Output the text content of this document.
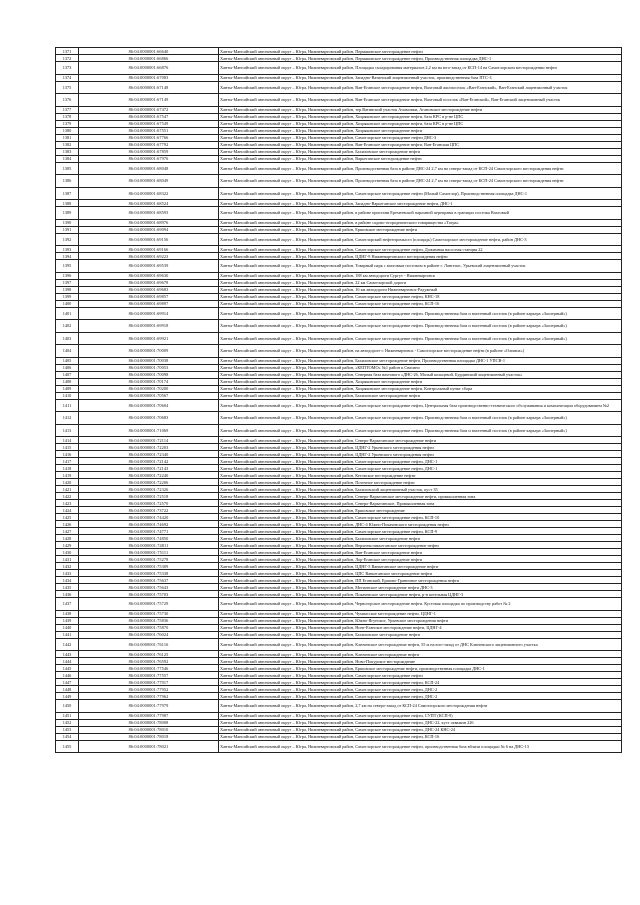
1371	86:04:0000001:66640	Ханты-Мансийский автономный округ – Югра, Нижневартовский район, Пермяковское месторождение нефти
1372	86:04:0000001:66866	Ханты-Мансийский автономный округ – Югра, Нижневартовский район, Пермяковское месторождение нефти, Производственная площадка ДНС-1
1373	86:04:0000001:66876	Ханты-Мансийский автономный округ – Югра, Нижневартовский район, Площадка складирования материалов 2,2 км на юго-запад от КСП-14 на Самотлорском месторождении нефти
1374	86:04:0000001:67083	Ханты-Мансийский автономный округ – Югра, Нижневартовский район, Западно-Ватинский лицензионный участок, производственная база ПТС-3
1375	86:04:0000001:67148	Ханты-Мансийский автономный округ – Югра, Нижневартовский район, Ван-Еганское месторождение нефти, Вахтовый жилпоселок «Ван-Еганский», Ван-Еганский лицензионный участок
1376	86:04:0000001:67149	Ханты-Мансийский автономный округ – Югра, Нижневартовский район, Ван-Еганское месторождение нефти, Вахтовый поселок «Ван-Еганский», Ван-Еганский лицензионный участок
1377	86:04:0000001:67472	Ханты-Мансийский автономный округ – Югра, Нижневартовский район, тер.Ватинский участок Ачимовки, Агановское месторождение нефти
1378	86:04:0000001:67547	Ханты-Мансийский автономный округ – Югра, Нижневартовский район, Хохряковское месторождение нефти, база КРС в р-не ЦПС
1379	86:04:0000001:67549	Ханты-Мансийский автономный округ – Югра, Нижневартовский район, Хохряковское месторождение нефти, база КРС в р-не ЦПС
1380	86:04:0000001:67551	Ханты-Мансийский автономный округ – Югра, Нижневартовский район, Хохряковское месторождение нефти
1381	86:04:0000001:67766	Ханты-Мансийский автономный округ – Югра, Нижневартовский район, Самотлорское месторождение нефти ДНС-3
1382	86:04:0000001:67792	Ханты-Мансийский автономный округ – Югра, Нижневартовский район, Ван-Еганское месторождение нефти, Ван-Еганская ЦПС
1383	86:04:0000001:67859	Ханты-Мансийский автономный округ – Югра, Нижневартовский район, Бахиловское месторождение нефти
1384	86:04:0000001:67976	Ханты-Мансийский автономный округ – Югра, Нижневартовский район, Варьеганское месторождение нефти
1385	86:04:0000001:68048	Ханты-Мансийский автономный округ – Югра, Нижневартовский район, Производственная база в районе ДНС-24 2,7 км на северо-запад от КСП-24 Самотлорского месторождения нефти
1386	86:04:0000001:68049	Ханты-Мансийский автономный округ – Югра, Нижневартовский район, Производственная база в районе ДНС-24 2,7 км на северо-запад от КСП-24 Самотлорского месторождения нефти
1387	86:04:0000001:68322	Ханты-Мансийский автономный округ – Югра, Нижневартовский район, Самотлорское месторождение нефти (Малый Самотлор), Производственная площадка ДНС-1
1388	86:04:0000001:68524	Ханты-Мансийский автономный округ – Югра, Нижневартовский район, Западно-Варьеганское месторождение нефти, ДНС-1
1389	86:04:0000001:68593	Ханты-Мансийский автономный округ – Югра, Нижневартовский район, в районе пристани Еремеевской паромной переправы в границах поселка Вахтовый
1390	86:04:0000001:68976	Ханты-Мансийский автономный округ – Югра, Нижневартовский район, в районе садово-огороднического товарищества «Тагра»
1391	86:04:0000001:69094	Ханты-Мансийский автономный округ – Югра, Нижневартовский район, Ершовское месторождение нефти
1392	86:04:0000001:69156	Ханты-Мансийский автономный округ – Югра, Нижневартовский район, Самотлорский нефтепромысел (площадь) Самотлорское месторождение нефти, район ДНС-3
1393	86:04:0000001:69166	Ханты-Мансийский автономный округ – Югра, Нижневартовский район, Самотлорское месторождение нефти, Дожимная насосная станция 22
1394	86:04:0000001:69223	Ханты-Мансийский автономный округ – Югра, Нижневартовский район, ЦДНГ-9 Нижневартовского месторождения нефти
1395	86:04:0000001:69539	Ханты-Мансийский автономный округ – Югра, Нижневартовский район, Товарный парк с вахтовым поселком в районе г. Лангепас, Урьевский лицензионный участок
1396	86:04:0000001:69630	Ханты-Мансийский автономный округ – Югра, Нижневартовский район, 188 км автодороги Сургут - Нижневартовск
1397	86:04:0000001:69678	Ханты-Мансийский автономный округ – Югра, Нижневартовский район, 22 км Самотлорской дороги
1398	86:04:0000001:69683	Ханты-Мансийский автономный округ – Югра, Нижневартовский район, 16 км автодороги Нижневартовск-Радужный
1399	86:04:0000001:69857	Ханты-Мансийский автономный округ – Югра, Нижневартовский район, Самотлорское месторождение нефти, КНС-18
1400	86:04:0000001:69897	Ханты-Мансийский автономный округ – Югра, Нижневартовский район, Самотлорское месторождение нефти, КСП-16
1401	86:04:0000001:69914	Ханты-Мансийский автономный округ – Югра, Нижневартовский район, Самотлорское месторождение нефти. Производственная база и вахтенный поселок (в районе карьера «Заозерный»)
1402	86:04:0000001:69918	Ханты-Мансийский автономный округ – Югра, Нижневартовский район, Самотлорское месторождение нефти. Производственная база и вахтенный поселок (в районе карьера «Заозерный»)
1403	86:04:0000001:69921	Ханты-Мансийский автономный округ – Югра, Нижневартовский район, Самотлорское месторождение нефти. Производственная база и вахтенный поселок (в районе карьера «Заозерный»)
1404	86:04:0000001:70009	Ханты-Мансийский автономный округ – Югра, Нижневартовский район, на автодороге г. Нижневартовск - Самотлорское месторождение нефти (в районе «Олимпа»)
1405	86:04:0000001:70038	Ханты-Мансийский автономный округ – Югра, Нижневартовский район, Бахиловское месторождение нефти, Производственная площадка ДНС-1 УПСВ-1
1406	86:04:0000001:70053	Ханты-Мансийский автономный округ – Югра, Нижневартовский район, «КЕПТОМО» №1 район п.Свасино
1407	86:04:0000001:70098	Ханты-Мансийский автономный округ – Югра, Нижневартовский район, Северная база вахтового «ДНС-26, Малый кольцевой, Бурдинский лицензионный участок»
1408	86:04:0000001:70174	Ханты-Мансийский автономный округ – Югра, Нижневартовский район, Хохряковское месторождение нефти
1409	86:04:0000001:70200	Ханты-Мансийский автономный округ – Югра, Нижневартовский район, Хохряковское месторождение нефти, Контрольный пункт сбора
1410	86:04:0000001:70567	Ханты-Мансийский автономный округ – Югра, Нижневартовский район, Бахиловское месторождение нефти
1411	86:04:0000001:70604	Ханты-Мансийский автономный округ – Югра, Нижневартовский район, Самотлорское месторождение нефти, Центральная база производственно-технического обслуживания и комплектации оборудованием №2
1412	86:04:0000001:70683	Ханты-Мансийский автономный округ – Югра, Нижневартовский район, Самотлорское месторождение нефти. Производственная база и вахтенный поселок (в районе карьера «Заозерный»)
1413	86:04:0000001:71069	Ханты-Мансийский автономный округ – Югра, Нижневартовский район, Самотлорское месторождение нефти. Производственная база и вахтенный поселок (в районе карьера «Заозерный»)
1414	86:04:0000001:72114	Ханты-Мансийский автономный округ – Югра, Нижневартовский район, Северо-Варьеганское месторождение нефти
1415	86:04:0000001:72203	Ханты-Мансийский автономный округ – Югра, Нижневартовский район, ЦДНГ-2 Урьевского месторождения нефти
1416	86:04:0000001:72340	Ханты-Мансийский автономный округ – Югра, Нижневартовский район, ЦДНГ-2 Урьевского месторождения нефти
1417	86:04:0000001:72142	Ханты-Мансийский автономный округ – Югра, Нижневартовский район, Самотлорское месторождение нефти, ДНС-1
1418	86:04:0000001:72143	Ханты-Мансийский автономный округ – Югра, Нижневартовский район, Самотлорское месторождение нефти, ДНС-1
1419	86:04:0000001:72240	Ханты-Мансийский автономный округ – Югра, Нижневартовский район, Кетовское месторождение нефти
1420	86:04:0000001:72206	Ханты-Мансийский автономный округ – Югра, Нижневартовский район, Поточное месторождение нефти
1421	86:04:0000001:72326	Ханты-Мансийский автономный округ – Югра, Нижневартовский район, Бахиловский лицензионный участок, куст 35
1422	86:04:0000001:72518	Ханты-Мансийский автономный округ – Югра, Нижневартовский район, Северо-Варьеганское месторождение нефти, промышленная зона
1423	86:04:0000001:72570	Ханты-Мансийский автономный округ – Югра, Нижневартовский район, Северо-Варьеганское, Промышленная зона
1424	86:04:0000001:73722	Ханты-Мансийский автономный округ – Югра, Нижневартовский район, Ершовское месторождение
1425	86:04:0000001:74420	Ханты-Мансийский автономный округ – Югра, Нижневартовский район, Самотлорское месторождение нефти, КСП-10
1426	86:04:0000001:74692	Ханты-Мансийский автономный округ – Югра, Нижневартовский район, ДНС-4 Южно-Покачевского месторождения нефти
1427	86:04:0000001:74771	Ханты-Мансийский автономный округ – Югра, Нижневартовский район, Самотлорское месторождение нефти, КСП-9
1428	86:04:0000001:74850	Ханты-Мансийский автономный округ – Югра, Нижневартовский район, Бахиловское месторождение нефти
1429	86:04:0000001:74811	Ханты-Мансийский автономный округ – Югра, Нижневартовский район, Верхнеколикъеганское месторождение нефти
1430	86:04:0000001:75111	Ханты-Мансийский автономный округ – Югра, Нижневартовский район, Ван-Еганское месторождение нефти
1431	86:04:0000001:75278	Ханты-Мансийский автономный округ – Югра, Нижневартовский район, Лор-Еганское месторождение нефти
1432	86:04:0000001:75309	Ханты-Мансийский автономный округ – Югра, Нижневартовский район, ЦДНГ-5 Ваньеганское месторождение нефти
1433	86:04:0000001:75338	Ханты-Мансийский автономный округ – Югра, Нижневартовский район, ЦПС Ваньеганское месторождение нефти
1434	86:04:0000001:75637	Ханты-Мансийский автономный округ – Югра, Нижневартовский район, ПП Еганский, Ершово-Граничное месторождения нефти
1435	86:04:0000001:75643	Ханты-Мансийский автономный округ – Югра, Нижневартовский район, Мегионское месторождение нефти ДНС-3
1436	86:04:0000001:75703	Ханты-Мансийский автономный округ – Югра, Нижневартовский район, Покачевское месторождение нефти, р-н котельная ЦДНГ-3
1437	86:04:0000001:75729	Ханты-Мансийский автономный округ – Югра, Нижневартовский район, Черногорское месторождение нефти. Кустовая площадка по производству работ № 2
1438	86:04:0000001:75730	Ханты-Мансийский автономный округ – Югра, Нижневартовский район, Чумпасское месторождение нефти, ЦДНГ-1
1439	86:04:0000001:75836	Ханты-Мансийский автономный округ – Югра, Нижневартовский район, Южно-Ягунское, Урьевское месторождения нефти
1440	86:04:0000001:75870	Ханты-Мансийский автономный округ – Югра, Нижневартовский район, Нонг-Еганское месторождение нефти, ЦДНГ-4
1441	86:04:0000001:76024	Ханты-Мансийский автономный округ – Югра, Нижневартовский район, Бахиловское месторождение нефти
1442	86:04:0000001:76116	Ханты-Мансийский автономный округ – Югра, Нижневартовский район, Ключевское месторождение нефти, 55 м на юго-запад от ДНС Ключевского лицензионного участка
1443	86:04:0000001:76125	Ханты-Мансийский автономный округ – Югра, Нижневартовский район, Ключевское месторождение нефти
1444	86:04:0000001:76592	Ханты-Мансийский автономный округ – Югра, Нижневартовский район, Ново-Покурское месторождение
1445	86:04:0000001:77546	Ханты-Мансийский автономный округ – Югра, Нижневартовский район, Ершовское месторождение нефти, производственная площадка ДНС-1
1446	86:04:0000001:77557	Ханты-Мансийский автономный округ – Югра, Нижневартовский район, Самотлорское месторождение нефти
1447	86:04:0000001:77917	Ханты-Мансийский автономный округ – Югра, Нижневартовский район, Самотлорское месторождение нефти, КСП-24
1448	86:04:0000001:77952	Ханты-Мансийский автономный округ – Югра, Нижневартовский район, Самотлорское месторождение нефти, ДНС-2
1449	86:04:0000001:77962	Ханты-Мансийский автономный округ – Югра, Нижневартовский район, Самотлорское месторождение нефти, ДНС-2
1450	86:04:0000001:77979	Ханты-Мансийский автономный округ – Югра, Нижневартовский район, 2,7 км на северо-запад от КСП-24 Самотлорского месторождения нефти
1451	86:04:0000001:77987	Ханты-Мансийский автономный округ – Югра, Нижневартовский район, Самотлорское месторождение нефти, СУПТ (КСП-9)
1452	86:04:0000001:78008	Ханты-Мансийский автономный округ – Югра, Нижневартовский район, Самотлорское месторождение нефти, ДНС-22, куст скважин 226
1453	86:04:0000001:78010	Ханты-Мансийский автономный округ – Югра, Нижневартовский район, Самотлорское месторождение нефти, ДНС-24 КНС-24
1454	86:04:0000001:78018	Ханты-Мансийский автономный округ – Югра, Нижневартовский район, Самотлорское месторождение нефти, КСП-16
1455	86:04:0000001:78021	Ханты-Мансийский автономный округ – Югра, Нижневартовский район, Самотлорское месторождение нефти, производственная база вблизи площадки № 6 на ДНС-13
